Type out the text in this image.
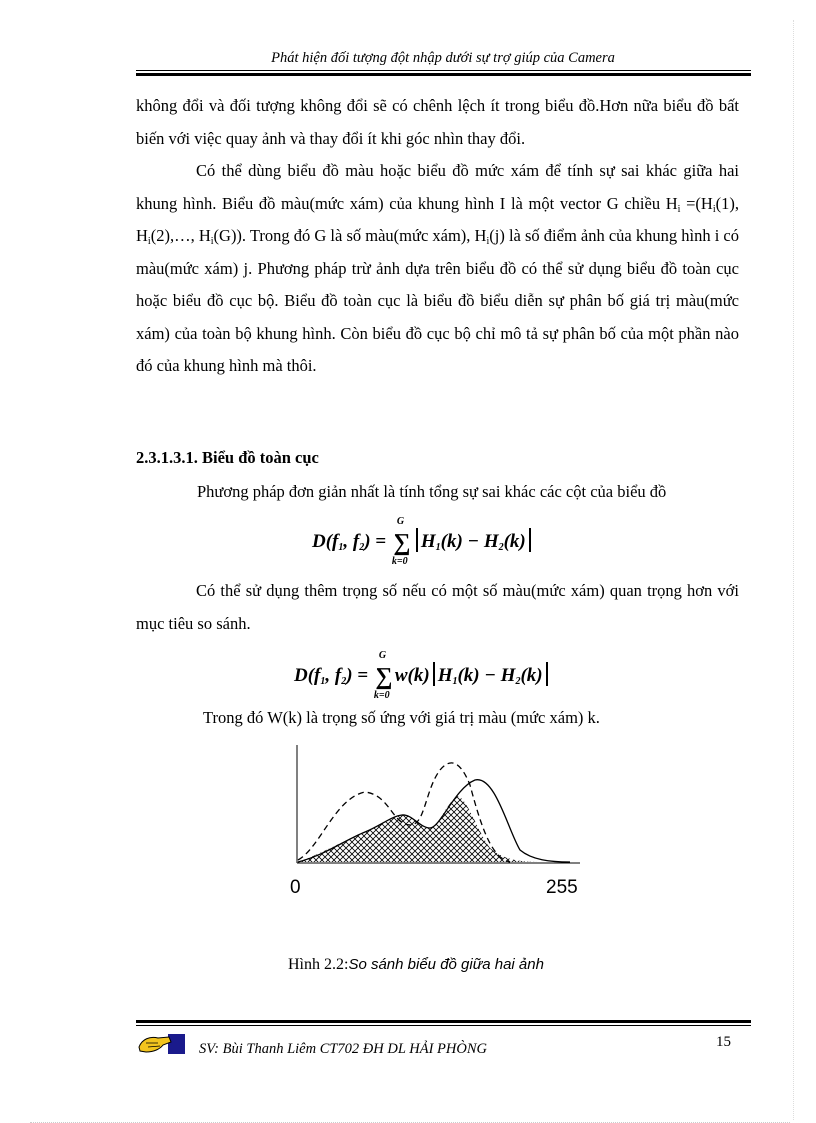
Phát hiện đối tượng đột nhập dưới sự trợ giúp của Camera

không đổi và đối tượng không đổi sẽ có chênh lệch ít trong biểu đồ.Hơn nữa biểu đồ bất biến với việc quay ảnh và thay đổi ít khi góc nhìn thay đổi.

Có thể dùng biểu đồ màu hoặc biểu đồ mức xám để tính sự sai khác giữa hai khung hình. Biểu đồ màu(mức xám) của khung hình I là một vector G chiều $H_i =(H_i(1)$, $H_i(2),\dots$, $H_i(G)$). Trong đó G là số màu(mức xám), $H_i(j)$ là số điểm ảnh của khung hình i có màu(mức xám) j. Phương pháp trừ ảnh dựa trên biểu đồ có thể sử dụng biểu đồ toàn cục hoặc biểu đồ cục bộ. Biểu đồ toàn cục là biểu đồ biểu diễn sự phân bố giá trị màu(mức xám) của toàn bộ khung hình. Còn biểu đồ cục bộ chỉ mô tả sự phân bố của một phần nào đó của khung hình mà thôi.

2.3.1.3.1. Biểu đồ toàn cục

Phương pháp đơn giản nhất là tính tổng sự sai khác các cột của biểu đồ

$D(f_1$, $f_2$) = ∑
G
k=0
$H_1(k) - H_2(k)$

Có thể sử dụng thêm trọng số nếu có một số màu(mức xám) quan trọng hơn với mục tiêu so sánh.

$D(f_1$, $f_2$) = ∑
G
k=0
w(k) $H_1(k) - H_2(k)$

Trong đó W(k) là trọng số ứng với giá trị màu (mức xám) k.

0	255
Hình 2.2:So sánh biểu đồ giữa hai ảnh
SV: Bùi Thanh Liêm CT702 ĐH DL HẢI PHÒNG	15
